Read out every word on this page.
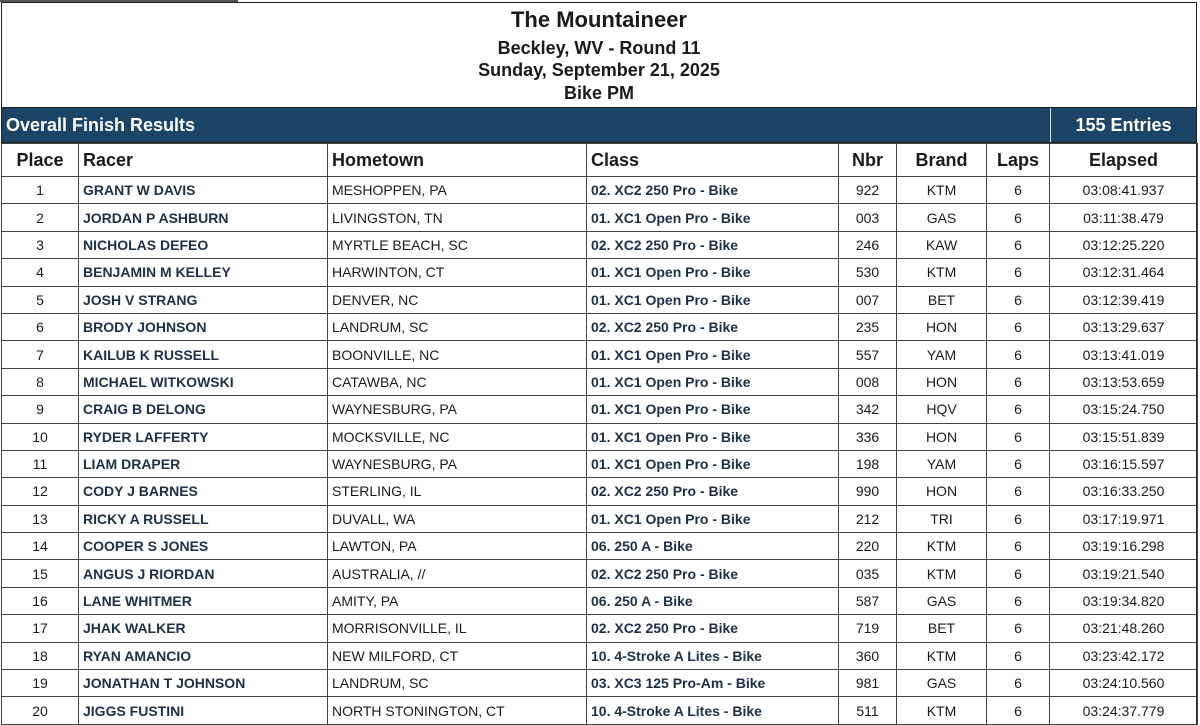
The Mountaineer
Beckley, WV - Round 11
Sunday, September 21, 2025
Bike PM
Overall Finish Results	155 Entries
Place	Racer	Hometown	Class	Nbr	Brand	Laps	Elapsed
1	GRANT W DAVIS	MESHOPPEN, PA	02. XC2 250 Pro - Bike	922	KTM	6	03:08:41.937
2	JORDAN P ASHBURN	LIVINGSTON, TN	01. XC1 Open Pro - Bike	003	GAS	6	03:11:38.479
3	NICHOLAS DEFEO	MYRTLE BEACH, SC	02. XC2 250 Pro - Bike	246	KAW	6	03:12:25.220
4	BENJAMIN M KELLEY	HARWINTON, CT	01. XC1 Open Pro - Bike	530	KTM	6	03:12:31.464
5	JOSH V STRANG	DENVER, NC	01. XC1 Open Pro - Bike	007	BET	6	03:12:39.419
6	BRODY JOHNSON	LANDRUM, SC	02. XC2 250 Pro - Bike	235	HON	6	03:13:29.637
7	KAILUB K RUSSELL	BOONVILLE, NC	01. XC1 Open Pro - Bike	557	YAM	6	03:13:41.019
8	MICHAEL WITKOWSKI	CATAWBA, NC	01. XC1 Open Pro - Bike	008	HON	6	03:13:53.659
9	CRAIG B DELONG	WAYNESBURG, PA	01. XC1 Open Pro - Bike	342	HQV	6	03:15:24.750
10	RYDER LAFFERTY	MOCKSVILLE, NC	01. XC1 Open Pro - Bike	336	HON	6	03:15:51.839
11	LIAM DRAPER	WAYNESBURG, PA	01. XC1 Open Pro - Bike	198	YAM	6	03:16:15.597
12	CODY J BARNES	STERLING, IL	02. XC2 250 Pro - Bike	990	HON	6	03:16:33.250
13	RICKY A RUSSELL	DUVALL, WA	01. XC1 Open Pro - Bike	212	TRI	6	03:17:19.971
14	COOPER S JONES	LAWTON, PA	06. 250 A - Bike	220	KTM	6	03:19:16.298
15	ANGUS J RIORDAN	AUSTRALIA, //	02. XC2 250 Pro - Bike	035	KTM	6	03:19:21.540
16	LANE WHITMER	AMITY, PA	06. 250 A - Bike	587	GAS	6	03:19:34.820
17	JHAK WALKER	MORRISONVILLE, IL	02. XC2 250 Pro - Bike	719	BET	6	03:21:48.260
18	RYAN AMANCIO	NEW MILFORD, CT	10. 4-Stroke A Lites - Bike	360	KTM	6	03:23:42.172
19	JONATHAN T JOHNSON	LANDRUM, SC	03. XC3 125 Pro-Am - Bike	981	GAS	6	03:24:10.560
20	JIGGS FUSTINI	NORTH STONINGTON, CT	10. 4-Stroke A Lites - Bike	511	KTM	6	03:24:37.779
